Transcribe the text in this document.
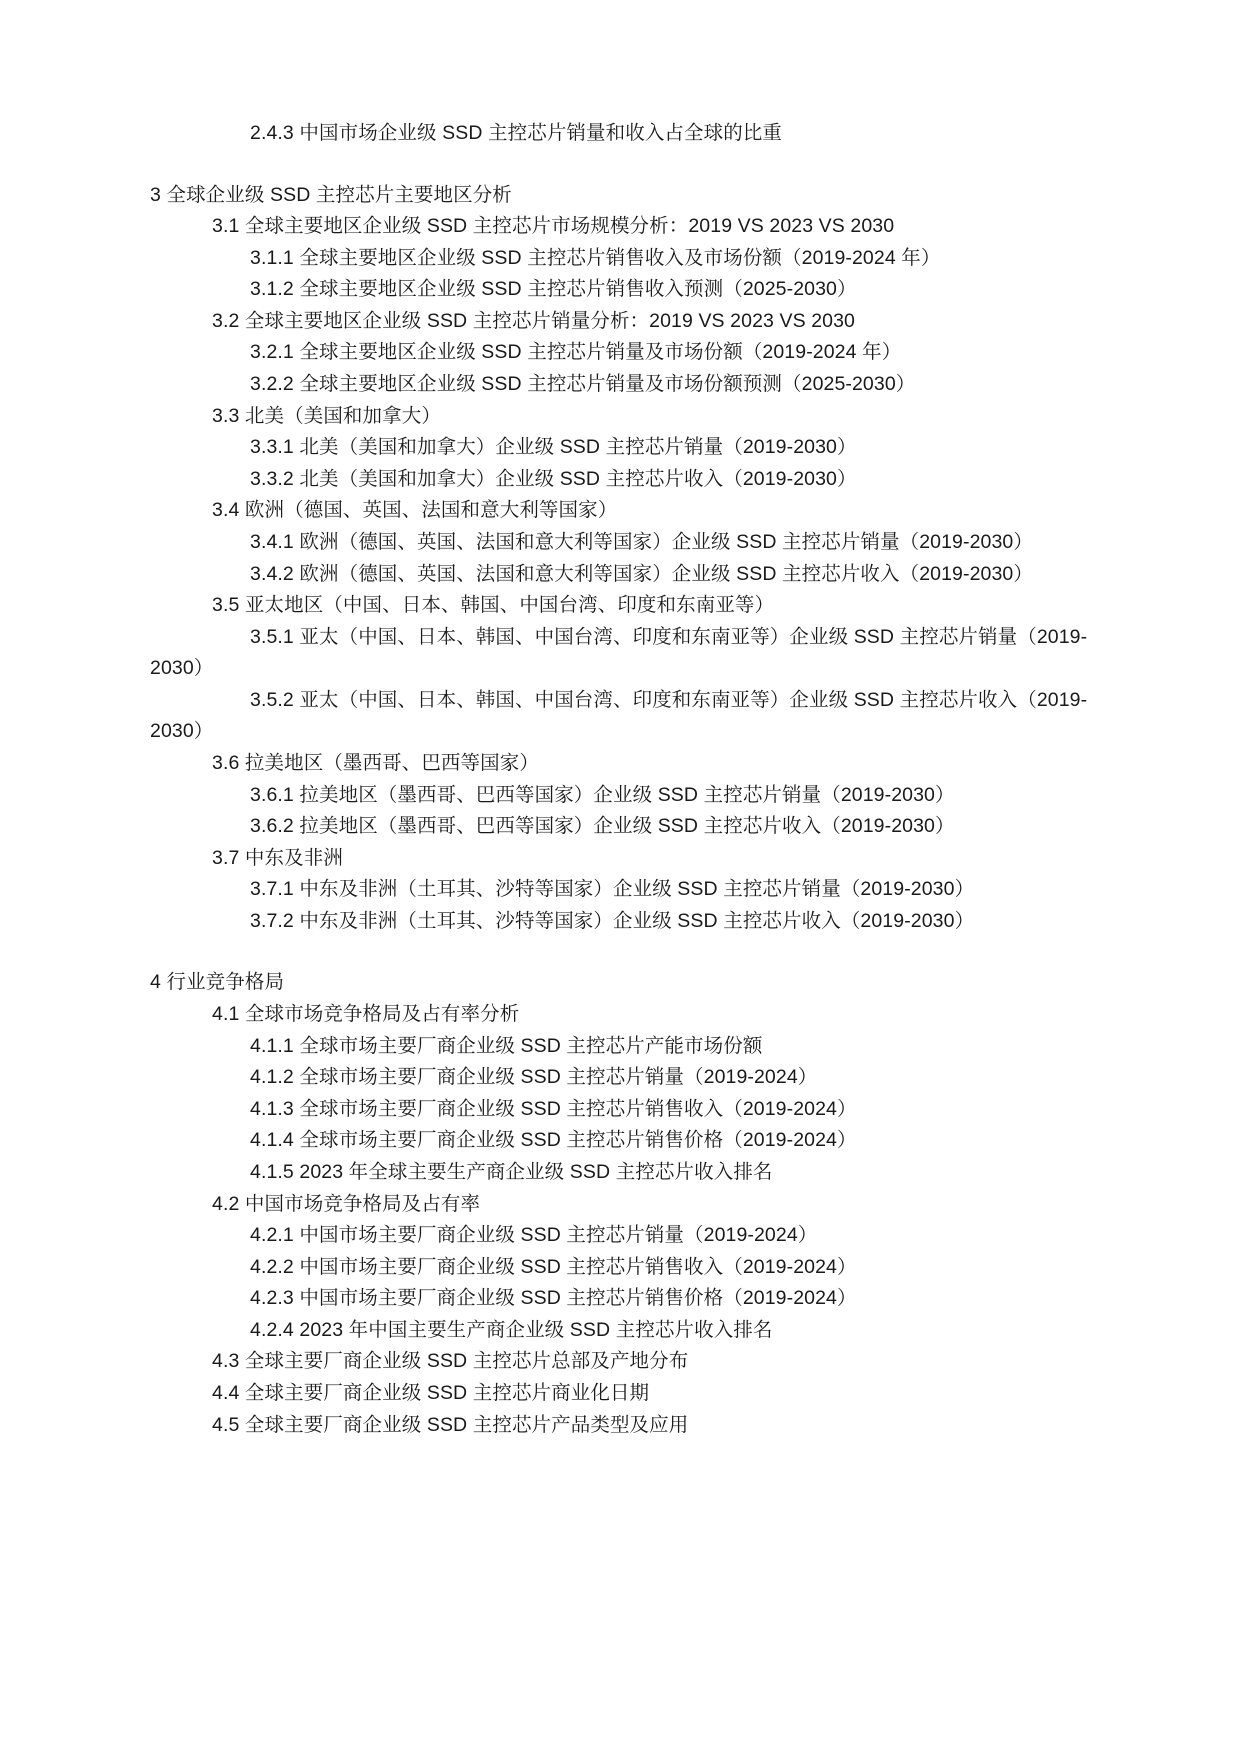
2.4.3 中国市场企业级 SSD 主控芯片销量和收入占全球的比重
3 全球企业级 SSD 主控芯片主要地区分析
3.1 全球主要地区企业级 SSD 主控芯片市场规模分析：2019 VS 2023 VS 2030
3.1.1 全球主要地区企业级 SSD 主控芯片销售收入及市场份额（2019-2024 年）
3.1.2 全球主要地区企业级 SSD 主控芯片销售收入预测（2025-2030）
3.2 全球主要地区企业级 SSD 主控芯片销量分析：2019 VS 2023 VS 2030
3.2.1 全球主要地区企业级 SSD 主控芯片销量及市场份额（2019-2024 年）
3.2.2 全球主要地区企业级 SSD 主控芯片销量及市场份额预测（2025-2030）
3.3 北美（美国和加拿大）
3.3.1 北美（美国和加拿大）企业级 SSD 主控芯片销量（2019-2030）
3.3.2 北美（美国和加拿大）企业级 SSD 主控芯片收入（2019-2030）
3.4 欧洲（德国、英国、法国和意大利等国家）
3.4.1 欧洲（德国、英国、法国和意大利等国家）企业级 SSD 主控芯片销量（2019-2030）
3.4.2 欧洲（德国、英国、法国和意大利等国家）企业级 SSD 主控芯片收入（2019-2030）
3.5 亚太地区（中国、日本、韩国、中国台湾、印度和东南亚等）
3.5.1 亚太（中国、日本、韩国、中国台湾、印度和东南亚等）企业级 SSD 主控芯片销量（2019-2030）
3.5.2 亚太（中国、日本、韩国、中国台湾、印度和东南亚等）企业级 SSD 主控芯片收入（2019-2030）
3.6 拉美地区（墨西哥、巴西等国家）
3.6.1 拉美地区（墨西哥、巴西等国家）企业级 SSD 主控芯片销量（2019-2030）
3.6.2 拉美地区（墨西哥、巴西等国家）企业级 SSD 主控芯片收入（2019-2030）
3.7 中东及非洲
3.7.1 中东及非洲（土耳其、沙特等国家）企业级 SSD 主控芯片销量（2019-2030）
3.7.2 中东及非洲（土耳其、沙特等国家）企业级 SSD 主控芯片收入（2019-2030）
4 行业竞争格局
4.1 全球市场竞争格局及占有率分析
4.1.1 全球市场主要厂商企业级 SSD 主控芯片产能市场份额
4.1.2 全球市场主要厂商企业级 SSD 主控芯片销量（2019-2024）
4.1.3 全球市场主要厂商企业级 SSD 主控芯片销售收入（2019-2024）
4.1.4 全球市场主要厂商企业级 SSD 主控芯片销售价格（2019-2024）
4.1.5 2023 年全球主要生产商企业级 SSD 主控芯片收入排名
4.2 中国市场竞争格局及占有率
4.2.1 中国市场主要厂商企业级 SSD 主控芯片销量（2019-2024）
4.2.2 中国市场主要厂商企业级 SSD 主控芯片销售收入（2019-2024）
4.2.3 中国市场主要厂商企业级 SSD 主控芯片销售价格（2019-2024）
4.2.4 2023 年中国主要生产商企业级 SSD 主控芯片收入排名
4.3 全球主要厂商企业级 SSD 主控芯片总部及产地分布
4.4 全球主要厂商企业级 SSD 主控芯片商业化日期
4.5 全球主要厂商企业级 SSD 主控芯片产品类型及应用
